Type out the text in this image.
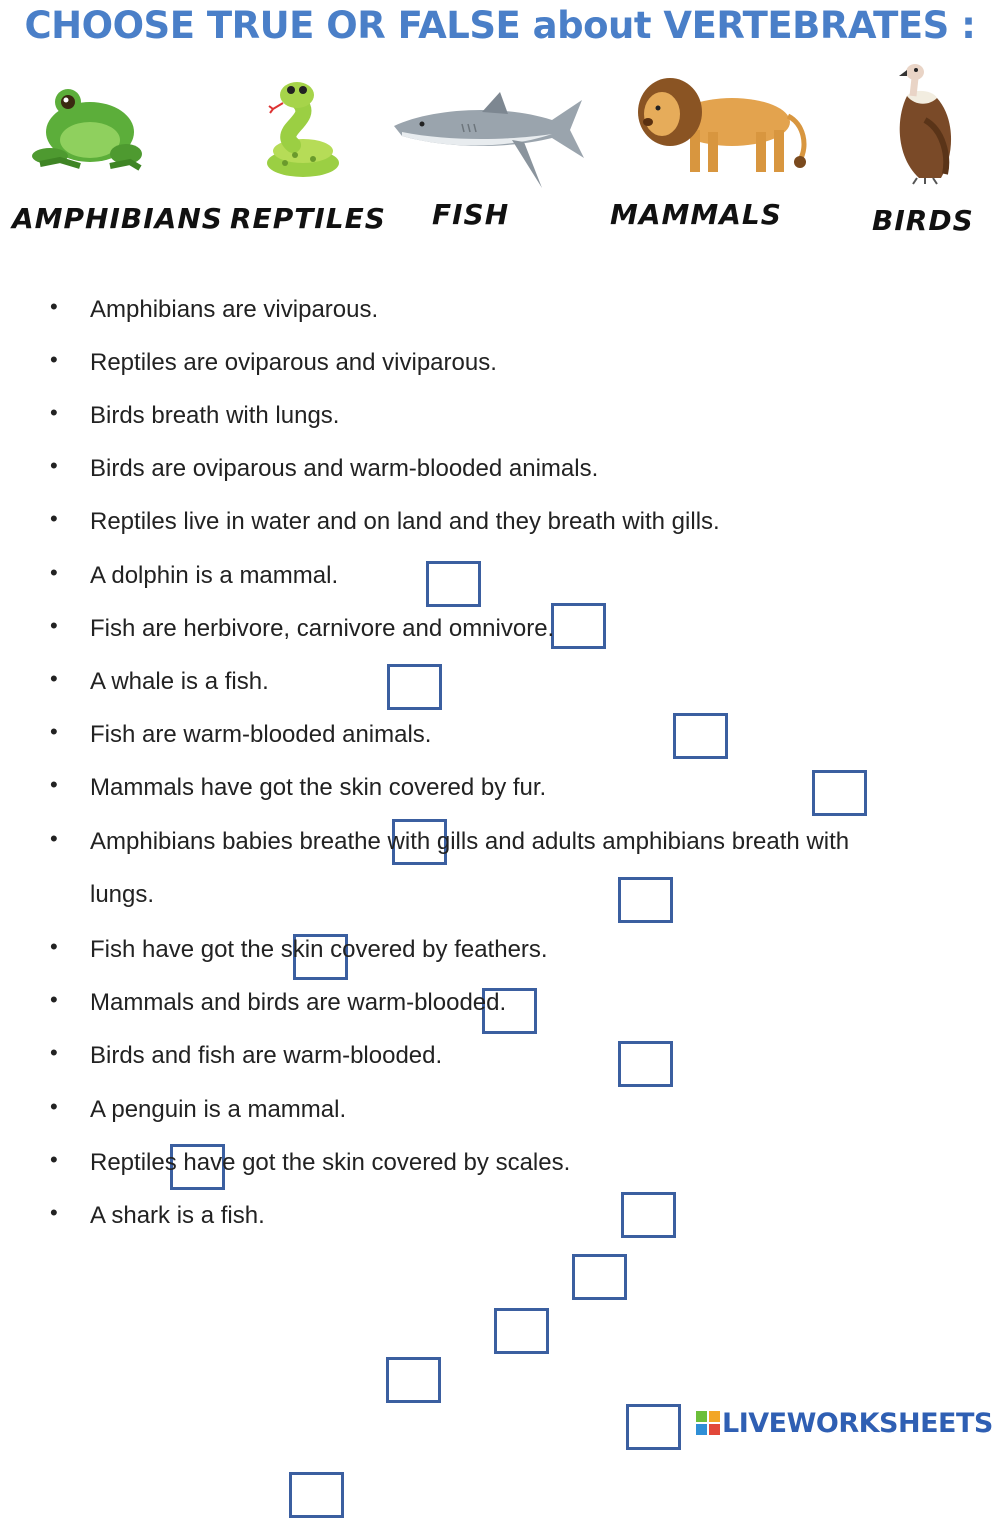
CHOOSE TRUE OR FALSE about VERTEBRATES :
AMPHIBIANS REPTILES FISH	MAMMALS	BIRDS
• Amphibians are viviparous.
• Reptiles are oviparous and viviparous.
• Birds breath with lungs.
• Birds are oviparous and warm-blooded animals.
• Reptiles live in water and on land and they breath with gills.
• A dolphin is a mammal.
• Fish are herbivore, carnivore and omnivore.
• A whale is a fish.
• Fish are warm-blooded animals.
• Mammals have got the skin covered by fur.
• Amphibians babies breathe with gills and adults amphibians breath with
lungs.
• Fish have got the skin covered by feathers.
• Mammals and birds are warm-blooded.
• Birds and fish are warm-blooded.
• A penguin is a mammal.
• Reptiles have got the skin covered by scales.
• A shark is a fish.
LIVEWORKSHEETS
